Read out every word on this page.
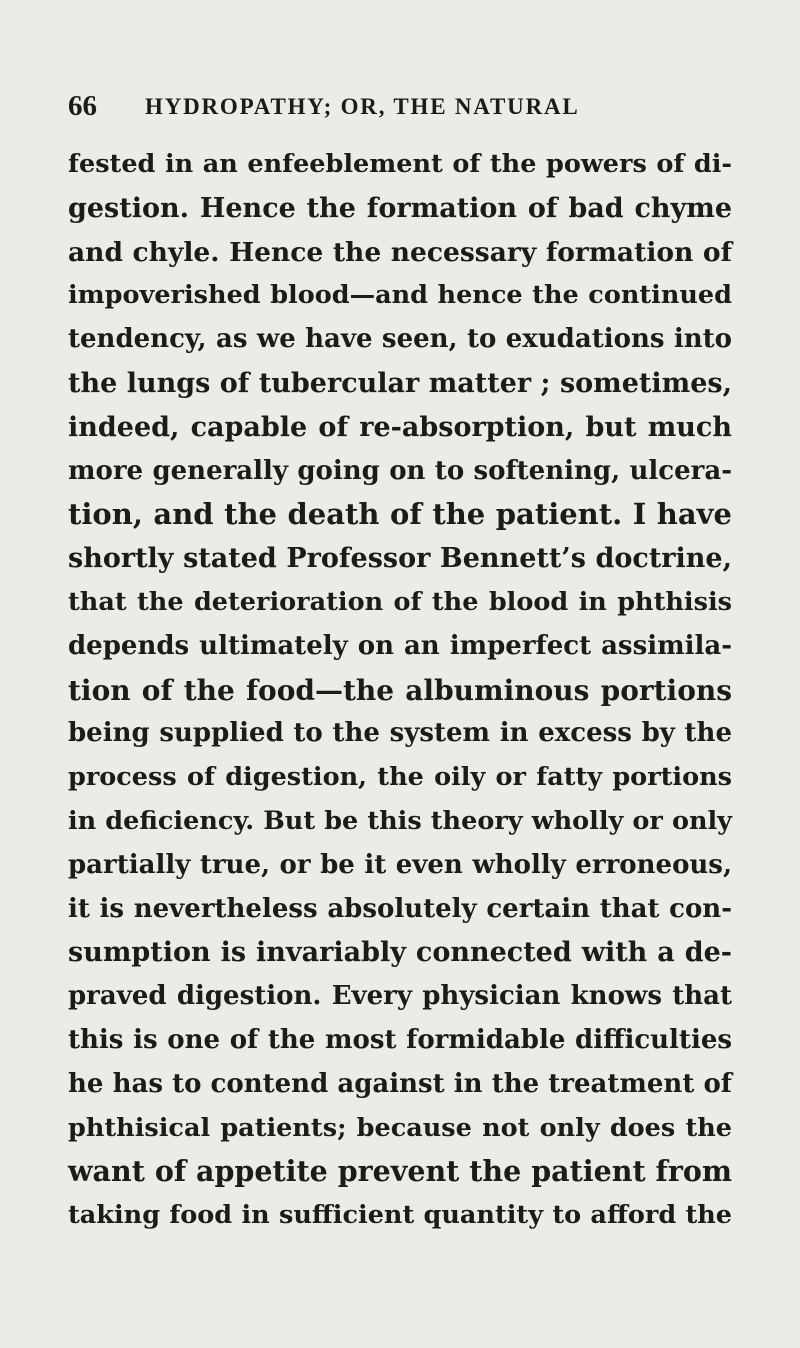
66 HYDROPATHY; OR, THE NATURAL
fested in an enfeeblement of the powers of di-
gestion. Hence the formation of bad chyme
and chyle. Hence the necessary formation of
impoverished blood—and hence the continued
tendency, as we have seen, to exudations into
the lungs of tubercular matter ; sometimes,
indeed, capable of re-absorption, but much
more generally going on to softening, ulcera-
tion, and the death of the patient. I have
shortly stated Professor Bennett’s doctrine,
that the deterioration of the blood in phthisis
depends ultimately on an imperfect assimila-
tion of the food—the albuminous portions
being supplied to the system in excess by the
process of digestion, the oily or fatty portions
in deficiency. But be this theory wholly or only
partially true, or be it even wholly erroneous,
it is nevertheless absolutely certain that con-
sumption is invariably connected with a de-
praved digestion. Every physician knows that
this is one of the most formidable difficulties
he has to contend against in the treatment of
phthisical patients; because not only does the
want of appetite prevent the patient from
taking food in sufficient quantity to afford the
